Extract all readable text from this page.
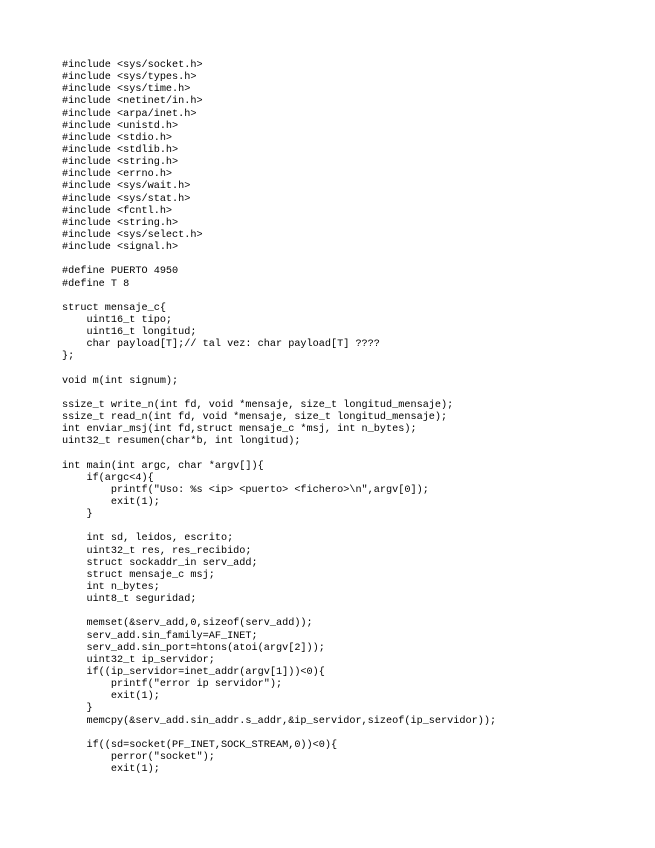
#include <sys/socket.h>
#include <sys/types.h>
#include <sys/time.h>
#include <netinet/in.h>
#include <arpa/inet.h>
#include <unistd.h>
#include <stdio.h>
#include <stdlib.h>
#include <string.h>
#include <errno.h>
#include <sys/wait.h>
#include <sys/stat.h>
#include <fcntl.h>
#include <string.h>
#include <sys/select.h>
#include <signal.h>
#define PUERTO 4950
#define T 8
struct mensaje_c{
uint16_t tipo;
uint16_t longitud;
char payload[T];// tal vez: char payload[T] ????
};
void m(int signum);
ssize_t write_n(int fd, void *mensaje, size_t longitud_mensaje);
ssize_t read_n(int fd, void *mensaje, size_t longitud_mensaje);
int enviar_msj(int fd,struct mensaje_c *msj, int n_bytes);
uint32_t resumen(char*b, int longitud);
int main(int argc, char *argv[]){
if(argc<4){
printf("Uso: %s <ip> <puerto> <fichero>\n",argv[0]);
exit(1);
}
int sd, leidos, escrito;
uint32_t res, res_recibido;
struct sockaddr_in serv_add;
struct mensaje_c msj;
int n_bytes;
uint8_t seguridad;
memset(&serv_add,0,sizeof(serv_add));
serv_add.sin_family=AF_INET;
serv_add.sin_port=htons(atoi(argv[2]));
uint32_t ip_servidor;
if((ip_servidor=inet_addr(argv[1]))<0){
printf("error ip servidor");
exit(1);
}
memcpy(&serv_add.sin_addr.s_addr,&ip_servidor,sizeof(ip_servidor));
if((sd=socket(PF_INET,SOCK_STREAM,0))<0){
perror("socket");
exit(1);
